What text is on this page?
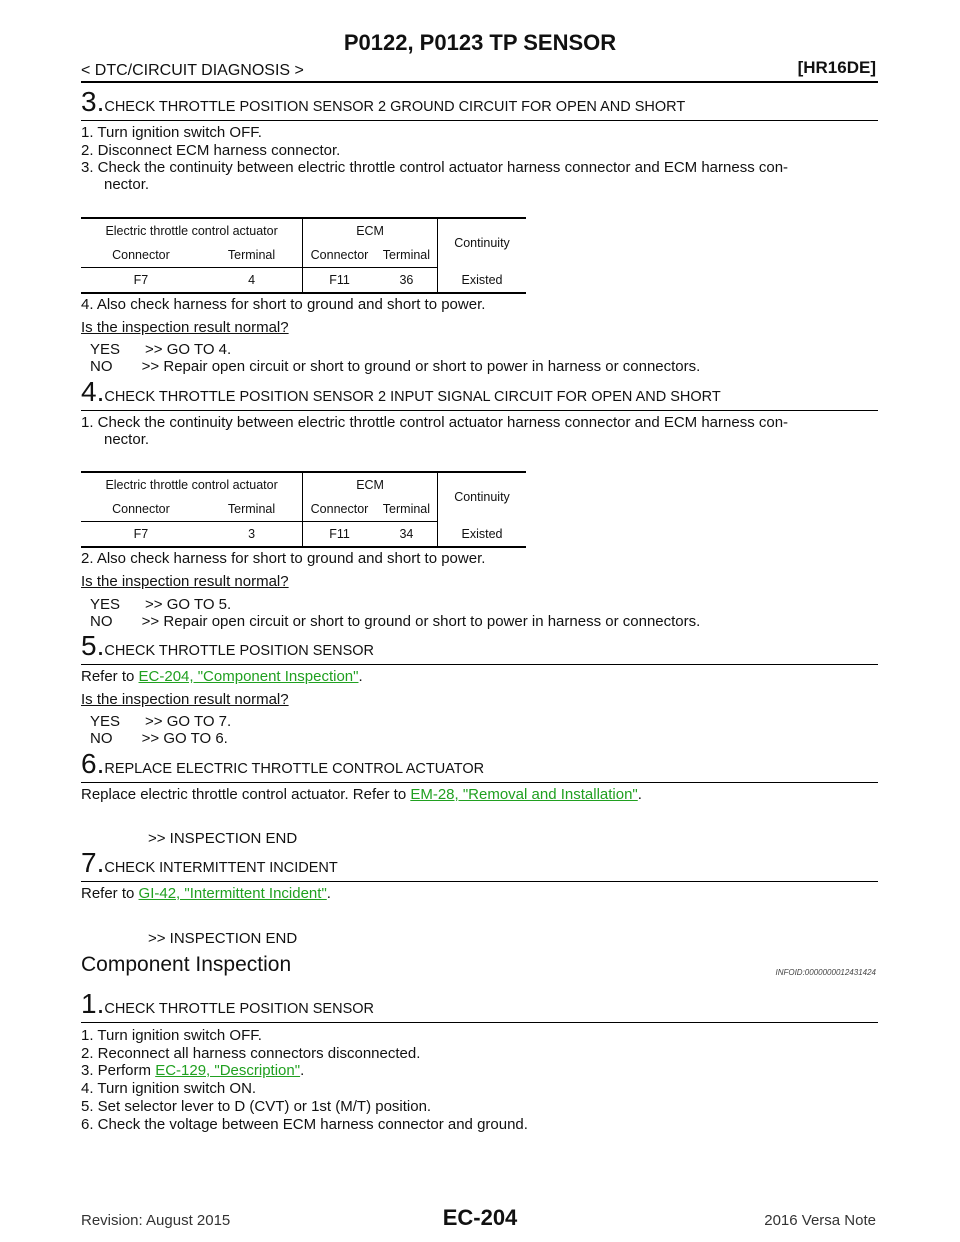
P0122, P0123 TP SENSOR
< DTC/CIRCUIT DIAGNOSIS >	[HR16DE]
3.CHECK THROTTLE POSITION SENSOR 2 GROUND CIRCUIT FOR OPEN AND SHORT
1. Turn ignition switch OFF.
2. Disconnect ECM harness connector.
3. Check the continuity between electric throttle control actuator harness connector and ECM harness con-
nector.
Electric throttle control actuator		ECM		Continuity
Connector	Terminal	Connector	Terminal	
F7	4	F11	36	Existed
4. Also check harness for short to ground and short to power.
Is the inspection result normal?
YES      >> GO TO 4.
NO       >> Repair open circuit or short to ground or short to power in harness or connectors.
4.CHECK THROTTLE POSITION SENSOR 2 INPUT SIGNAL CIRCUIT FOR OPEN AND SHORT
1. Check the continuity between electric throttle control actuator harness connector and ECM harness con-
nector.
Electric throttle control actuator		ECM		Continuity
Connector	Terminal	Connector	Terminal	
F7	3	F11	34	Existed
2. Also check harness for short to ground and short to power.
Is the inspection result normal?
YES      >> GO TO 5.
NO       >> Repair open circuit or short to ground or short to power in harness or connectors.
5.CHECK THROTTLE POSITION SENSOR
Refer to EC-204, "Component Inspection".
Is the inspection result normal?
YES      >> GO TO 7.
NO       >> GO TO 6.
6.REPLACE ELECTRIC THROTTLE CONTROL ACTUATOR
Replace electric throttle control actuator. Refer to EM-28, "Removal and Installation".
>> INSPECTION END
7.CHECK INTERMITTENT INCIDENT
Refer to GI-42, "Intermittent Incident".
>> INSPECTION END
Component Inspection	INFOID:0000000012431424
1.CHECK THROTTLE POSITION SENSOR
1. Turn ignition switch OFF.
2. Reconnect all harness connectors disconnected.
3. Perform EC-129, "Description".
4. Turn ignition switch ON.
5. Set selector lever to D (CVT) or 1st (M/T) position.
6. Check the voltage between ECM harness connector and ground.
Revision: August 2015	EC-204	2016 Versa Note
